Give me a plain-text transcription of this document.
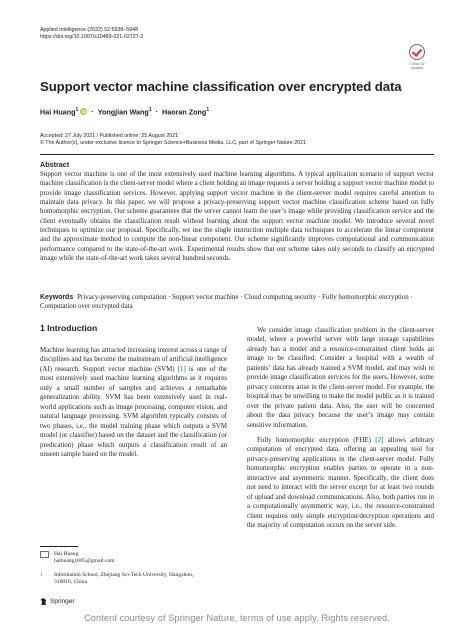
Applied Intelligence (2022) 52:5938–5948
https://doi.org/10.1007/s10489-021-02727-2
Check for
updates
Support vector machine classification over encrypted data
Hai Huang$^1$ iD · Yongjian Wang$^1$ · Haoran Zong$^1$
Accepted: 27 July 2021 / Published online: 25 August 2021
© The Author(s), under exclusive licence to Springer Science+Business Media, LLC, part of Springer Nature 2021
Abstract
Support vector machine is one of the most extensively used machine learning algorithms. A typical application scenario of support vector machine classification is the client-server model where a client holding an image requests a server holding a support vector machine model to provide image classification services. However, applying support vector machine in the client-server model requires careful attention to maintain data privacy. In this paper, we will propose a privacy-preserving support vector machine classification scheme based on fully homomorphic encryption. Our scheme guarantees that the server cannot learn the user’s image while providing classification service and the client eventually obtains the classification result without learning about the support vector machine model. We introduce several novel techniques to optimize our proposal. Specifically, we use the single instruction multiple data techniques to accelerate the linear component and the approximate method to compute the non-linear component. Our scheme significantly improves computational and communication performance compared to the state-of-the-art work. Experimental results show that our scheme takes only seconds to classify an encrypted image while the state-of-the-art work takes several hundred seconds.
Keywords Privacy-preserving computation · Support vector machine · Cloud computing security · Fully homomorphic encryption · Computation over encrypted data
1 Introduction

Machine learning has attracted increasing interest across a range of disciplines and has become the mainstream of artificial intelligence (AI) research. Support vector machine (SVM) [1] is one of the most extensively used machine learning algorithms as it requires only a small number of samples and achieves a remarkable generalization ability. SVM has been extensively used in real-world applications such as image processing, computer vision, and natural language processing. SVM algorithm typically consists of two phases, i.e., the model training phase which outputs a SVM model (or classifier) based on the dataset and the classification (or predication) phase which outputs a classification result of an unseen sample based on the model.

We consider image classification problem in the client-server model, where a powerful server with large storage capabilities already has a model and a resource-constrained client holds an image to be classified. Consider a hospital with a wealth of patients’ data has already trained a SVM model, and may wish to provide image classification services for the users. However, some privacy concerns arise in the client-server model. For example, the hospital may be unwilling to make the model public as it is trained over the private patient data. Also, the user will be concerned about the data privacy because the user’s image may contain sensitive information.

Fully homomorphic encryption (FHE) [2] allows arbitrary computation of encrypted data, offering an appealing tool for privacy-preserving applications in the client-server model. Fully homomorphic encryption enables parties to operate in a non-interactive and asymmetric manner. Specifically, the client does not need to interact with the server except for at least two rounds of upload and download communications. Also, both parties run in a computationally asymmetric way, i.e., the resource-constrained client requires only simple encryption/decryption operations and the majority of computation occurs on the server side.

Hai Huang
haihuang1005@gmail.com
1 Information School, Zhejiang Sci-Tech University, Hangzhou,
310018, China
Springer
Content courtesy of Springer Nature, terms of use apply. Rights reserved.
